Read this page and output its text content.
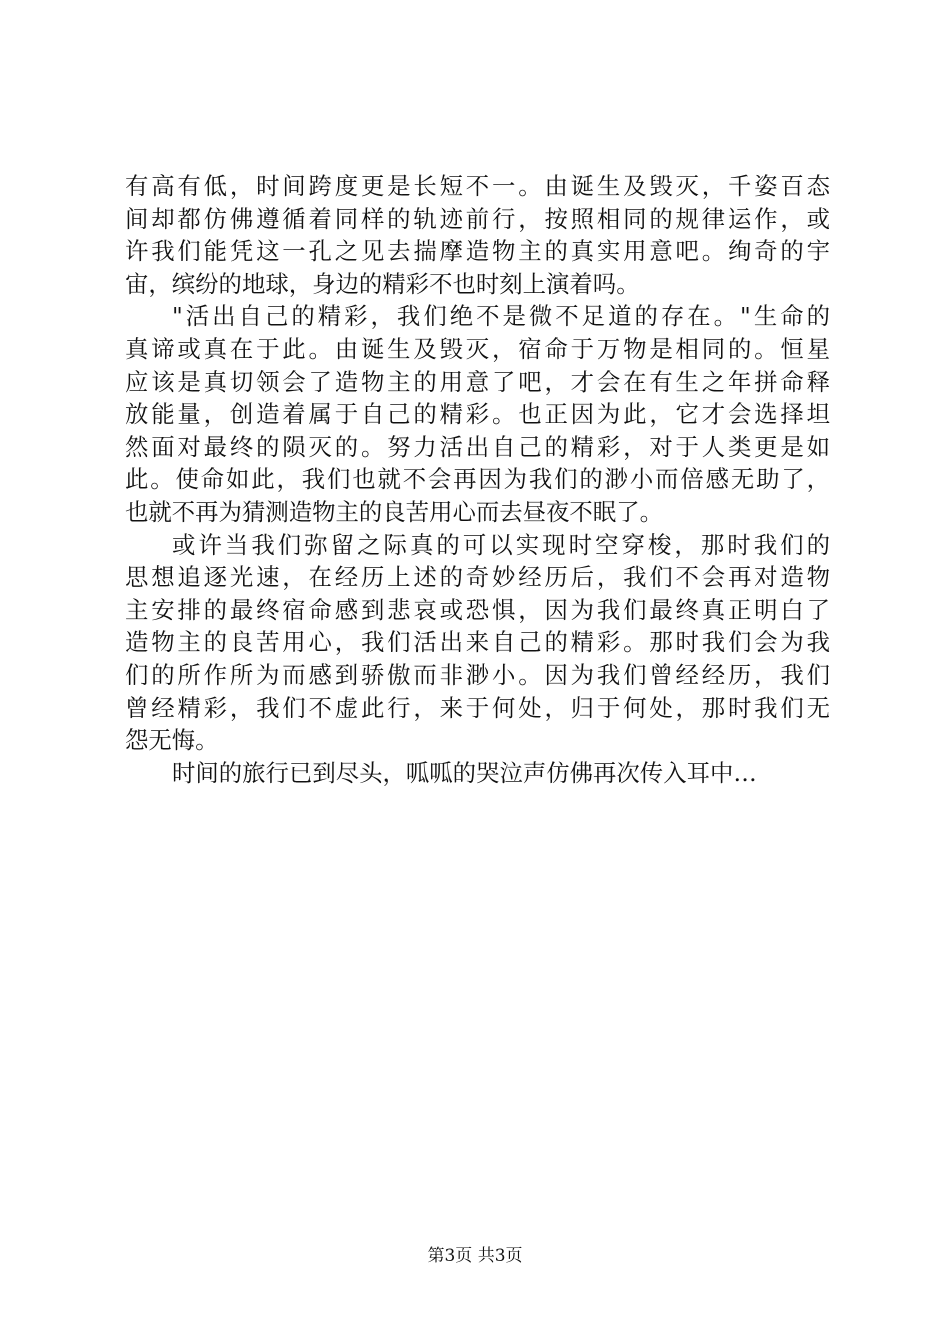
有高有低，时间跨度更是长短不一。由诞生及毁灭，千姿百态
间却都仿佛遵循着同样的轨迹前行，按照相同的规律运作，或
许我们能凭这一孔之见去揣摩造物主的真实用意吧。绚奇的宇
宙，缤纷的地球，身边的精彩不也时刻上演着吗。
"活出自己的精彩，我们绝不是微不足道的存在。"生命的
真谛或真在于此。由诞生及毁灭，宿命于万物是相同的。恒星
应该是真切领会了造物主的用意了吧，才会在有生之年拼命释
放能量，创造着属于自己的精彩。也正因为此，它才会选择坦
然面对最终的陨灭的。努力活出自己的精彩，对于人类更是如
此。使命如此，我们也就不会再因为我们的渺小而倍感无助了，
也就不再为猜测造物主的良苦用心而去昼夜不眠了。
或许当我们弥留之际真的可以实现时空穿梭，那时我们的
思想追逐光速，在经历上述的奇妙经历后，我们不会再对造物
主安排的最终宿命感到悲哀或恐惧，因为我们最终真正明白了
造物主的良苦用心，我们活出来自己的精彩。那时我们会为我
们的所作所为而感到骄傲而非渺小。因为我们曾经经历，我们
曾经精彩，我们不虚此行，来于何处，归于何处，那时我们无
怨无悔。
时间的旅行已到尽头，呱呱的哭泣声仿佛再次传入耳中…
第3页 共3页
